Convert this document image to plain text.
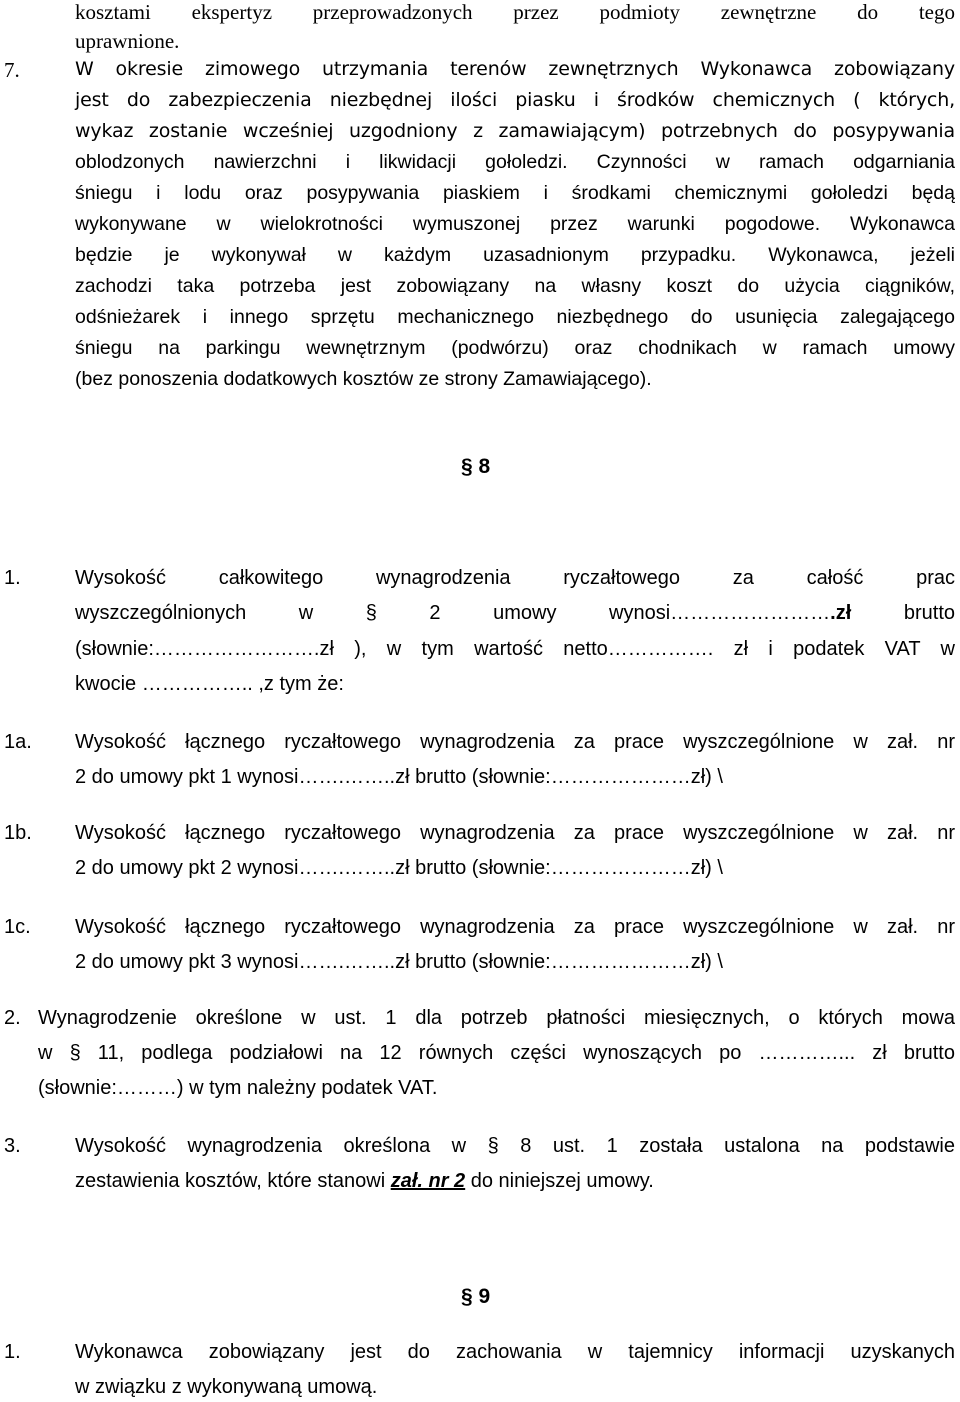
kosztami ekspertyz przeprowadzonych przez podmioty zewnętrzne do tego
uprawnione.
7.	W okresie zimowego utrzymania terenów zewnętrznych Wykonawca zobowiązany
jest do zabezpieczenia niezbędnej ilości piasku i środków chemicznych ( których,
wykaz zostanie wcześniej uzgodniony z zamawiającym) potrzebnych do posypywania
oblodzonych nawierzchni i likwidacji gołoledzi. Czynności w ramach odgarniania
śniegu i lodu oraz posypywania piaskiem i środkami chemicznymi gołoledzi będą
wykonywane w wielokrotności wymuszonej przez warunki pogodowe. Wykonawca
będzie je wykonywał w każdym uzasadnionym przypadku. Wykonawca, jeżeli
zachodzi taka potrzeba jest zobowiązany na własny koszt do użycia ciągników,
odśnieżarek i innego sprzętu mechanicznego niezbędnego do usunięcia zalegającego
śniegu na parkingu wewnętrznym (podwórzu) oraz chodnikach w ramach umowy
(bez ponoszenia dodatkowych kosztów ze strony Zamawiającego).
§ 8
1.	Wysokość całkowitego wynagrodzenia ryczałtowego za całość prac
wyszczególnionych w § 2 umowy wynosi…………………….zł brutto
(słownie:…………………….zł ), w tym wartość netto……………. zł i podatek VAT w
kwocie …………….. ,z tym że:
1a. Wysokość łącznego ryczałtowego wynagrodzenia za prace wyszczególnione w zał. nr
2 do umowy pkt 1 wynosi…….……..zł brutto (słownie:…………………zł) \
1b. Wysokość łącznego ryczałtowego wynagrodzenia za prace wyszczególnione w zał. nr
2 do umowy pkt 2 wynosi…….……..zł brutto (słownie:…………………zł) \
1c. Wysokość łącznego ryczałtowego wynagrodzenia za prace wyszczególnione w zał. nr
2 do umowy pkt 3 wynosi…….……..zł brutto (słownie:…………………zł) \
2. Wynagrodzenie określone w ust. 1 dla potrzeb płatności miesięcznych, o których mowa
w § 11, podlega podziałowi na 12 równych części wynoszących po …………... zł brutto
(słownie:………) w tym należny podatek VAT.
3.	Wysokość wynagrodzenia określona w § 8 ust. 1 została ustalona na podstawie
zestawienia kosztów, które stanowi zał. nr 2 do niniejszej umowy.
§ 9
1.	Wykonawca zobowiązany jest do zachowania w tajemnicy informacji uzyskanych
w związku z wykonywaną umową.
